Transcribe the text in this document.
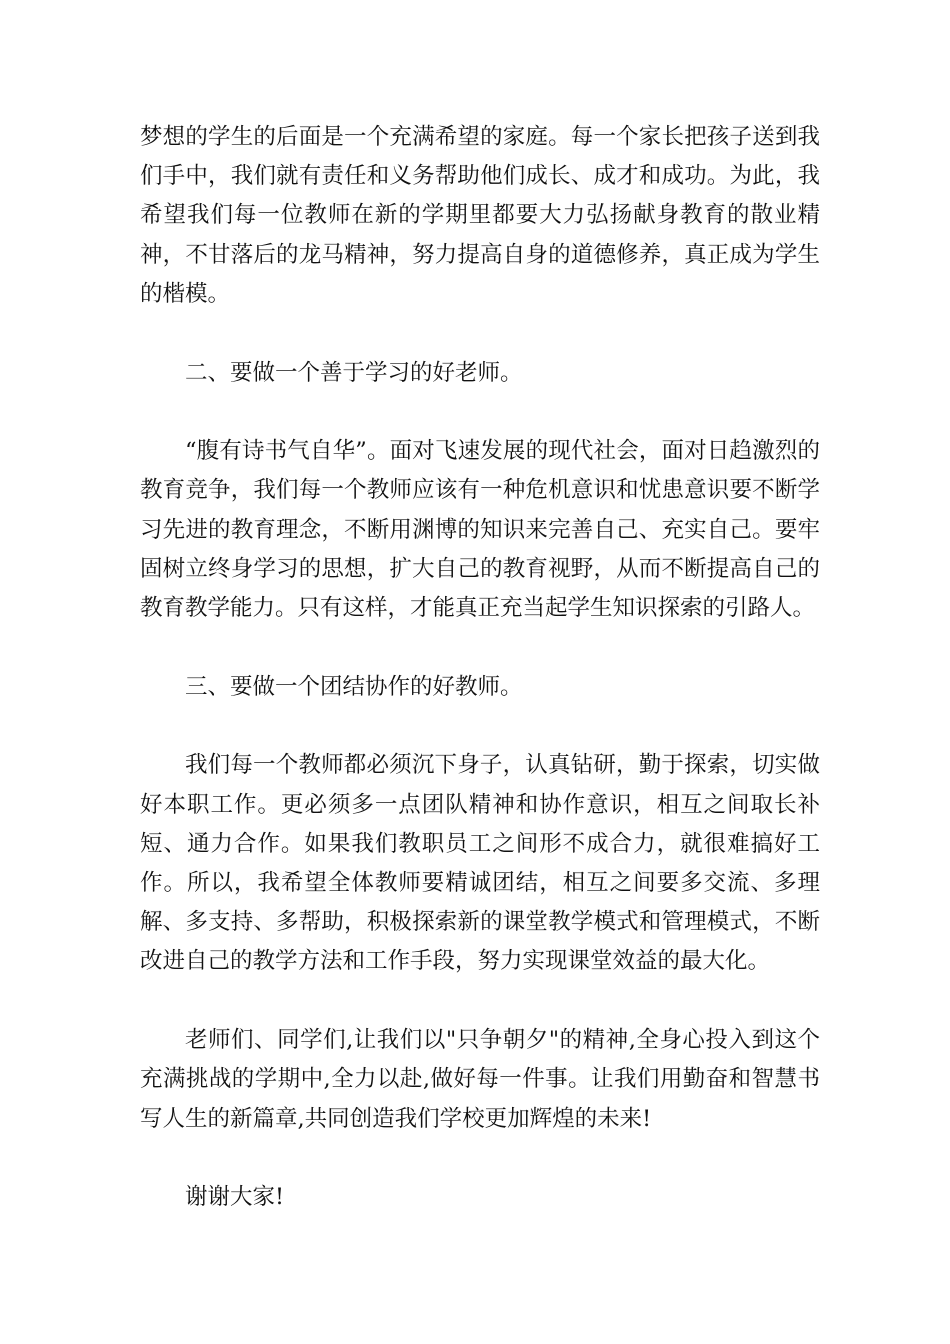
梦想的学生的后面是一个充满希望的家庭。每一个家长把孩子送到我们手中，我们就有责任和义务帮助他们成长、成才和成功。为此，我希望我们每一位教师在新的学期里都要大力弘扬献身教育的散业精神，不甘落后的龙马精神，努力提高自身的道德修养，真正成为学生的楷模。

二、要做一个善于学习的好老师。

“腹有诗书气自华”。面对飞速发展的现代社会，面对日趋激烈的教育竞争，我们每一个教师应该有一种危机意识和忧患意识要不断学习先进的教育理念，不断用渊博的知识来完善自己、充实自己。要牢固树立终身学习的思想，扩大自己的教育视野，从而不断提高自己的教育教学能力。只有这样，才能真正充当起学生知识探索的引路人。

三、要做一个团结协作的好教师。

我们每一个教师都必须沉下身子，认真钻研，勤于探索，切实做好本职工作。更必须多一点团队精神和协作意识，相互之间取长补短、通力合作。如果我们教职员工之间形不成合力，就很难搞好工作。所以，我希望全体教师要精诚团结，相互之间要多交流、多理解、多支持、多帮助，积极探索新的课堂教学模式和管理模式，不断改进自己的教学方法和工作手段，努力实现课堂效益的最大化。

老师们、同学们,让我们以"只争朝夕"的精神,全身心投入到这个充满挑战的学期中,全力以赴,做好每一件事。让我们用勤奋和智慧书写人生的新篇章,共同创造我们学校更加辉煌的未来!

谢谢大家!
